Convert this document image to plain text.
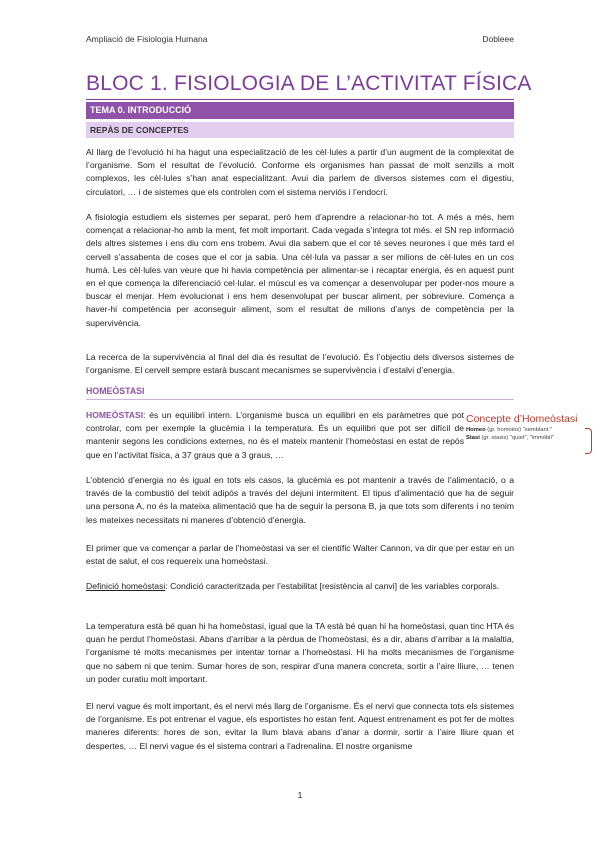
Ampliació de Fisiologia Humana	Dobleee
BLOC 1. FISIOLOGIA DE L’ACTIVITAT FÍSICA
TEMA 0. INTRODUCCIÓ
REPÀS DE CONCEPTES
Al llarg de l’evolució hi ha hagut una especialització de les cèl·lules a partir d’un augment de la complexitat de l’organisme. Som el resultat de l’evolució. Conforme els organismes han passat de molt senzills a molt complexos, les cèl·lules s’han anat especialitzant. Avui dia parlem de diversos sistemes com el digestiu, circulatori, … i de sistemes que els controlen com el sistema nerviós i l’endocrí.
A fisiologia estudiem els sistemes per separat, però hem d’aprendre a relacionar-ho tot. A més a més, hem començat a relacionar-ho amb la ment, fet molt important. Cada vegada s’integra tot més. el SN rep informació dels altres sistemes i ens diu com ens trobem. Avui dia sabem que el cor té seves neurones i que més tard el cervell s’assabenta de coses que el cor ja sabia. Una cèl·lula va passar a ser milions de cèl·lules en un cos humà. Les cèl·lules van veure que hi havia competència per alimentar-se i recaptar energia, és en aquest punt en el que comença la diferenciació cel·lular. el múscul es va començar a desenvolupar per poder-nos moure a buscar el menjar. Hem evolucionat i ens hem desenvolupat per buscar aliment, per sobreviure. Comença a haver-hi competència per aconseguir aliment, som el resultat de milions d’anys de competència per la supervivència.
La recerca de la supervivència al final del dia és resultat de l’evolució. És l’objectiu dels diversos sistemes de l’organisme. El cervell sempre estarà buscant mecanismes se supervivència i d’estalvi d’energia.
HOMEÒSTASI
HOMEÒSTASI: és un equilibri intern. L’organisme busca un equilibri en els paràmetres que pot controlar, com per exemple la glucèmia i la temperatura. És un equilibri que pot ser difícil de mantenir segons les condicions externes, no és el mateix mantenir l’homeòstasi en estat de repòs que en l’activitat física, a 37 graus que a 3 graus, …
Concepte d’Homeòstasi
Homeo (gr. homoios) "semblant."
Stasi (gr. stasis) "quiet", "immòbil"
L’obtenció d’energia no és igual en tots els casos, la glucèmia es pot mantenir a través de l’alimentació, o a través de la combustió del teixit adipós a través del dejuni intermitent. El tipus d’alimentació que ha de seguir una persona A, no és la mateixa alimentació que ha de seguir la persona B, ja que tots som diferents i no tenim les mateixes necessitats ni maneres d’obtenció d’energia.
El primer que va començar a parlar de l’homeòstasi va ser el científic Walter Cannon, va dir que per estar en un estat de salut, el cos requereix una homeòstasi.
Definició homeòstasi: Condició caracteritzada per l’estabilitat [resistència al canvi] de les variables corporals.
La temperatura està bé quan hi ha homeòstasi, igual que la TA està bé quan hi ha homeòstasi, quan tinc HTA és quan he perdut l’homeòstasi. Abans d’arribar a la pèrdua de l’homeòstasi, és a dir, abans d’arribar a la malaltia, l’organisme té molts mecanismes per intentar tornar a l’homeòstasi. Hi ha molts mecanismes de l’organisme que no sabem ni que tenim. Sumar hores de son, respirar d’una manera concreta, sortir a l’aire lliure, … tenen un poder curatiu molt important.
El nervi vague és molt important, és el nervi més llarg de l’organisme. És el nervi que connecta tots els sistemes de l’organisme. Es pot entrenar el vague, els esportistes ho estan fent. Aquest entrenament es pot fer de moltes maneres diferents: hores de son, evitar la llum blava abans d’anar a dormir, sortir a l’aire lliure quan et despertes, … El nervi vague és el sistema contrari a l’adrenalina. El nostre organisme
1
